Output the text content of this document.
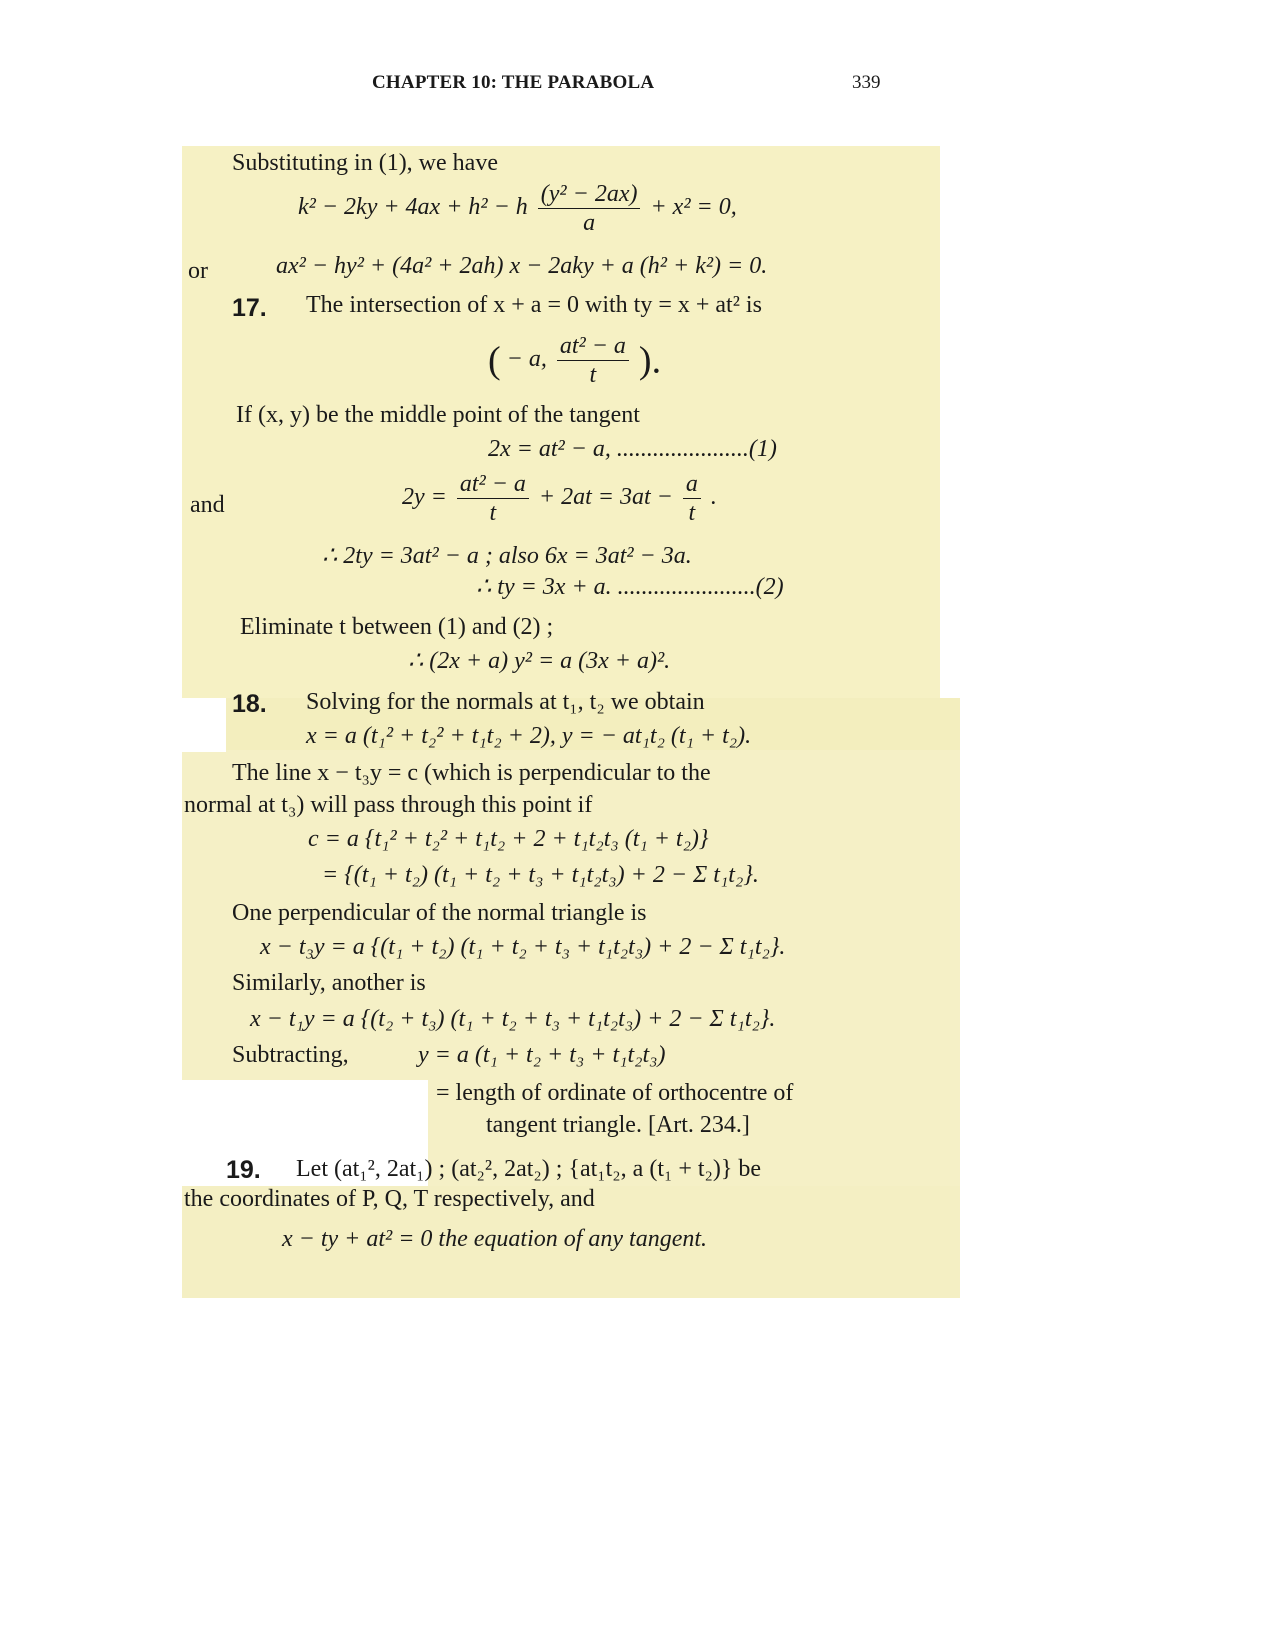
CHAPTER 10: THE PARABOLA	339
Substituting in (1), we have
k² − 2ky + 4ax + h² − h $\frac{\text{(y² − 2ax)}}{a} + x^2 = 0$,
or	ax² − hy² + (4a² + 2ah) x − 2aky + a (h² + k²) = 0.
17. The intersection of x + a = 0 with ty = x + at² is
( − a, $\frac{\text{at² − a}}{t}$ ).
If (x, y) be the middle point of the tangent
2x = at² − a, ......................(1)
and	$2y = \frac{\text{at² − a}}{t} + 2at = 3at - \frac{a}{t}$ .
∴ 2ty = 3at² − a ; also 6x = 3at² − 3a.
∴ ty = 3x + a. .......................(2)
Eliminate t between (1) and (2) ;
∴ (2x + a) y² = a (3x + a)².
18. Solving for the normals at t₁, t₂ we obtain
x = a (t₁² + t₂² + t₁t₂ + 2), y = − at₁t₂ (t₁ + t₂).
The line x − t₃y = c (which is perpendicular to the
normal at t₃) will pass through this point if
c = a {t₁² + t₂² + t₁t₂ + 2 + t₁t₂t₃ (t₁ + t₂)}
= {(t₁ + t₂) (t₁ + t₂ + t₃ + t₁t₂t₃) + 2 − Σ t₁t₂}.
One perpendicular of the normal triangle is
x − t₃y = a {(t₁ + t₂) (t₁ + t₂ + t₃ + t₁t₂t₃) + 2 − Σ t₁t₂}.
Similarly, another is
x − t₁y = a {(t₂ + t₃) (t₁ + t₂ + t₃ + t₁t₂t₃) + 2 − Σ t₁t₂}.
Subtracting,	y = a (t₁ + t₂ + t₃ + t₁t₂t₃)
= length of ordinate of orthocentre of
tangent triangle. [Art. 234.]
19. Let (at₁², 2at₁) ; (at₂², 2at₂) ; {at₁t₂, a (t₁ + t₂)} be
the coordinates of P, Q, T respectively, and
x − ty + at² = 0 the equation of any tangent.
